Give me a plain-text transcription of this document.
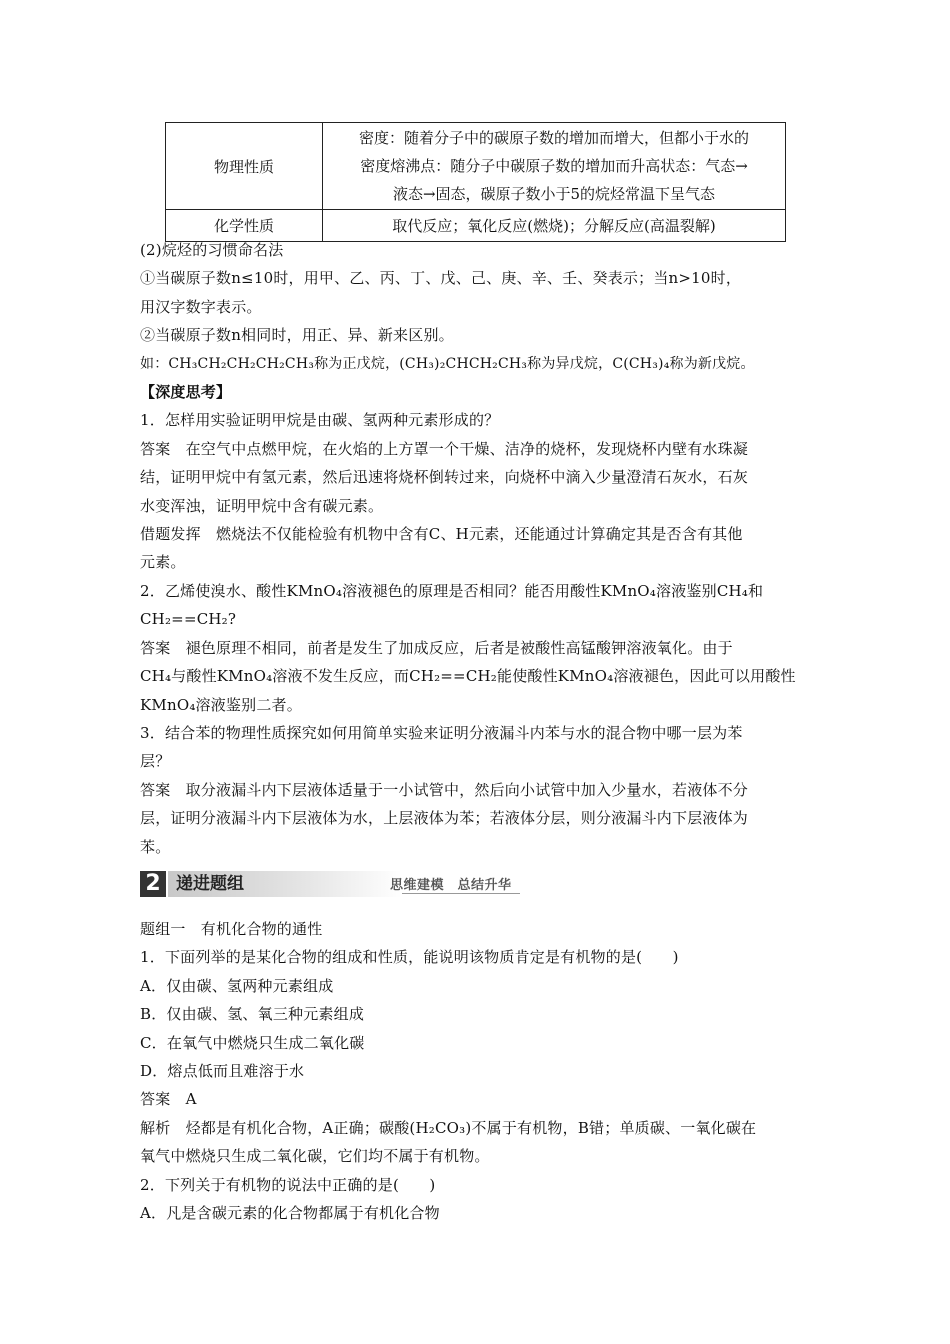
物理性质	密度：随着分子中的碳原子数的增加而增大，但都小于水的
密度熔沸点：随分子中碳原子数的增加而升高状态：气态→
液态→固态，碳原子数小于5的烷烃常温下呈气态

化学性质	取代反应；氧化反应(燃烧)；分解反应(高温裂解)

(2)烷烃的习惯命名法

①当碳原子数n≤10时，用甲、乙、丙、丁、戊、己、庚、辛、壬、癸表示；当n>10时，

用汉字数字表示。

②当碳原子数n相同时，用正、异、新来区别。

如：CH₃CH₂CH₂CH₂CH₃称为正戊烷，(CH₃)₂CHCH₂CH₃称为异戊烷，C(CH₃)₄称为新戊烷。

【深度思考】

1．怎样用实验证明甲烷是由碳、氢两种元素形成的？

答案　在空气中点燃甲烷，在火焰的上方罩一个干燥、洁净的烧杯，发现烧杯内壁有水珠凝

结，证明甲烷中有氢元素，然后迅速将烧杯倒转过来，向烧杯中滴入少量澄清石灰水，石灰

水变浑浊，证明甲烷中含有碳元素。

借题发挥　燃烧法不仅能检验有机物中含有C、H元素，还能通过计算确定其是否含有其他

元素。

2．乙烯使溴水、酸性KMnO₄溶液褪色的原理是否相同？能否用酸性KMnO₄溶液鉴别CH₄和

CH₂==CH₂?

答案　褪色原理不相同，前者是发生了加成反应，后者是被酸性高锰酸钾溶液氧化。由于

CH₄与酸性KMnO₄溶液不发生反应，而CH₂==CH₂能使酸性KMnO₄溶液褪色，因此可以用酸性

KMnO₄溶液鉴别二者。

3．结合苯的物理性质探究如何用简单实验来证明分液漏斗内苯与水的混合物中哪一层为苯

层？

答案　取分液漏斗内下层液体适量于一小试管中，然后向小试管中加入少量水，若液体不分

层，证明分液漏斗内下层液体为水，上层液体为苯；若液体分层，则分液漏斗内下层液体为

苯。

2 递进题组	思维建模　总结升华

题组一　有机化合物的通性

1．下面列举的是某化合物的组成和性质，能说明该物质肯定是有机物的是(　　)

A．仅由碳、氢两种元素组成

B．仅由碳、氢、氧三种元素组成

C．在氧气中燃烧只生成二氧化碳

D．熔点低而且难溶于水

答案　A

解析　烃都是有机化合物，A正确；碳酸(H₂CO₃)不属于有机物，B错；单质碳、一氧化碳在

氧气中燃烧只生成二氧化碳，它们均不属于有机物。

2．下列关于有机物的说法中正确的是(　　)

A．凡是含碳元素的化合物都属于有机化合物
